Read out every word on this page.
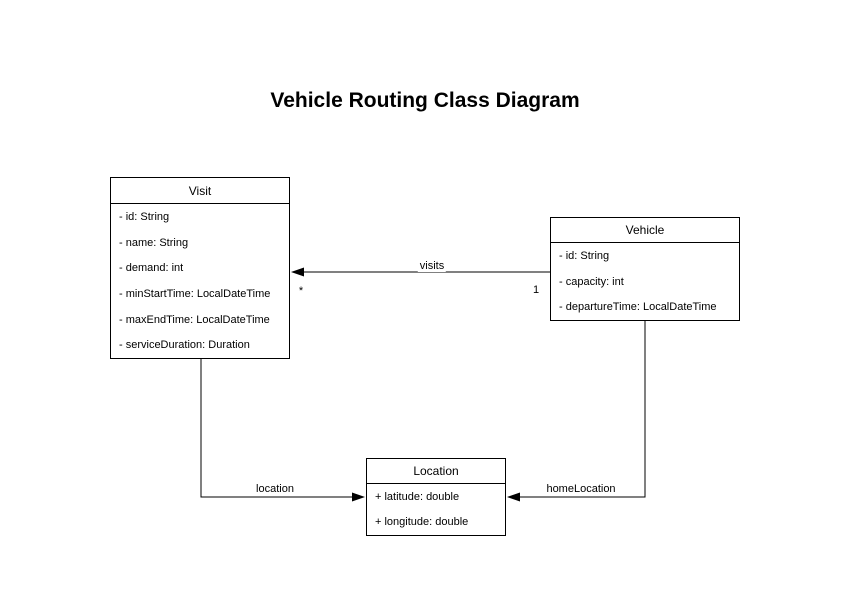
Vehicle Routing Class Diagram
Visit
- id: String
- name: String
- demand: int
- minStartTime: LocalDateTime
- maxEndTime: LocalDateTime
- serviceDuration: Duration
Vehicle
- id: String
- capacity: int
- departureTime: LocalDateTime
Location
+ latitude: double
+ longitude: double
visits
*	1
location	homeLocation
